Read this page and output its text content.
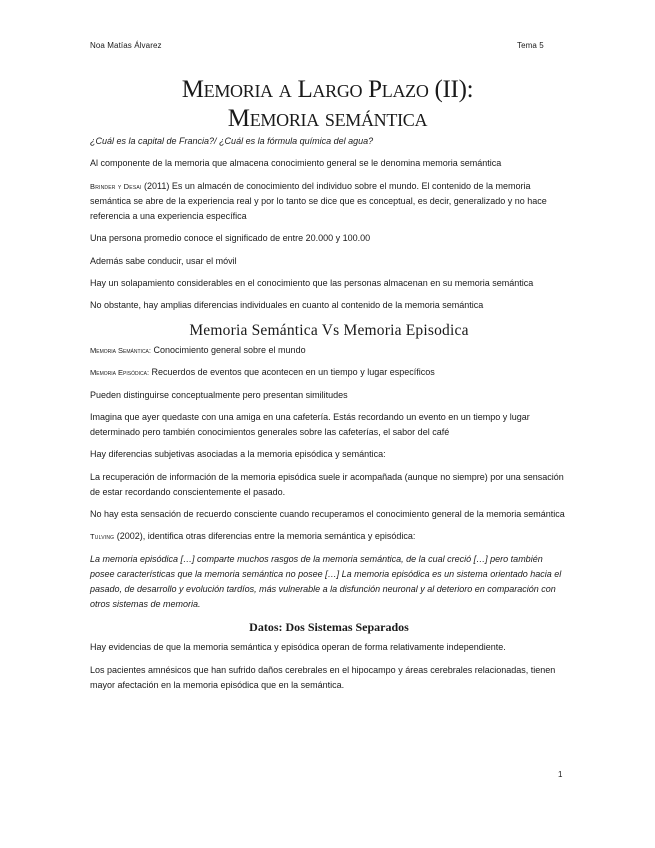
Noa Matías Álvarez	Tema 5
Memoria a Largo Plazo (II):
Memoria semántica

¿Cuál es la capital de Francia?/ ¿Cuál es la fórmula química del agua?

Al componente de la memoria que almacena conocimiento general se le denomina memoria semántica

Brinder y Desai (2011) Es un almacén de conocimiento del individuo sobre el mundo. El contenido de la memoria semántica se abre de la experiencia real y por lo tanto se dice que es conceptual, es decir, generalizado y no hace referencia a una experiencia específica

Una persona promedio conoce el significado de entre 20.000 y 100.00

Además sabe conducir, usar el móvil

Hay un solapamiento considerables en el conocimiento que las personas almacenan en su memoria semántica

No obstante, hay amplias diferencias individuales en cuanto al contenido de la memoria semántica

Memoria Semántica Vs Memoria Episodica

Memoria Semántica: Conocimiento general sobre el mundo

Memoria Episódica: Recuerdos de eventos que acontecen en un tiempo y lugar específicos

Pueden distinguirse conceptualmente pero presentan similitudes

Imagina que ayer quedaste con una amiga en una cafetería. Estás recordando un evento en un tiempo y lugar determinado pero también conocimientos generales sobre las cafeterías, el sabor del café

Hay diferencias subjetivas asociadas a la memoria episódica y semántica:

La recuperación de información de la memoria episódica suele ir acompañada (aunque no siempre) por una sensación de estar recordando conscientemente el pasado.

No hay esta sensación de recuerdo consciente cuando recuperamos el conocimiento general de la memoria semántica

Tulving (2002), identifica otras diferencias entre la memoria semántica y episódica:

La memoria episódica […] comparte muchos rasgos de la memoria semántica, de la cual creció […] pero también posee características que la memoria semántica no posee […] La memoria episódica es un sistema orientado hacia el pasado, de desarrollo y evolución tardíos, más vulnerable a la disfunción neuronal y al deterioro en comparación con otros sistemas de memoria.

Datos: Dos Sistemas Separados

Hay evidencias de que la memoria semántica y episódica operan de forma relativamente independiente.

Los pacientes amnésicos que han sufrido daños cerebrales en el hipocampo y áreas cerebrales relacionadas, tienen mayor afectación en la memoria episódica que en la semántica.

1
